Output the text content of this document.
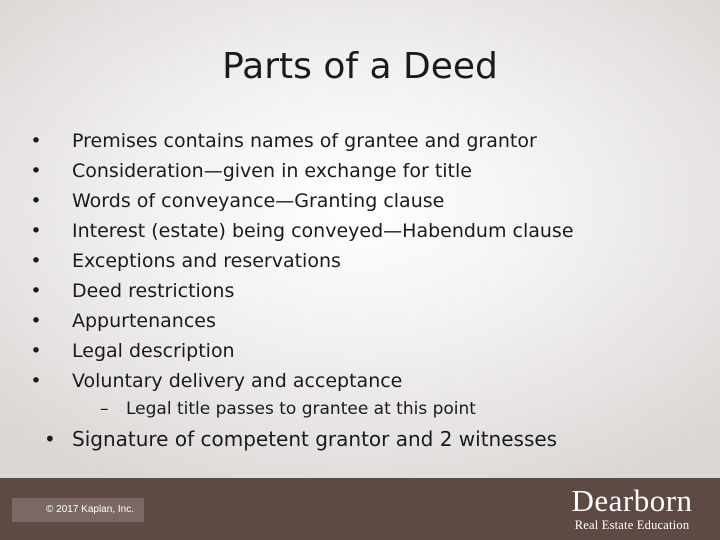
Parts of a Deed
• Premises contains names of grantee and grantor
• Consideration—given in exchange for title
• Words of conveyance—Granting clause
• Interest (estate) being conveyed—Habendum clause
• Exceptions and reservations
• Deed restrictions
• Appurtenances
• Legal description
• Voluntary delivery and acceptance
– Legal title passes to grantee at this point
• Signature of competent grantor and 2 witnesses
© 2017 Kaplan, Inc.	Dearborn
Real Estate Education
